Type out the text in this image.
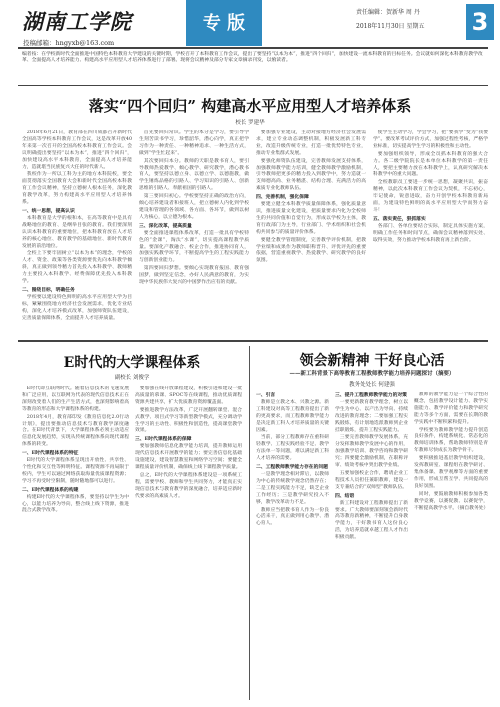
湖南工学院
投稿邮箱：hngyxb@163.com
专 版
责任编辑：贺新华 周 丹
2018年11月30日 星期五 3
编者按：在学校新时代全面推进中国特色本科教育大学建设的关键时期，学校召开了本科教育工作会议，提出了要坚持“以本为本”，推进“四个回归”，加快建设一流本科教育的目标任务。会议就如何深化本科教育教学改革、全面提高人才培养能力、构建高水平应用型人才培养体系进行了部署。现将会议精神及部分专家文章摘录刊发，以飨读者。
落实“四个回归” 构建高水平应用型人才培养体系
校长 罗建华

2018年6月21日，教育部在四川成都召开新时代全国高等学校本科教育工作会议，这是改革开放40年来第一次召开的全国高校本科教育工作会议。会议明确提出要坚持“以本为本”，推进“四个回归”，加快建设高水平本科教育，全面提高人才培养能力，造就堪当民族复兴大任的时代新人。

我校作为一所以工科为主的地方本科院校，要全面贯彻落实全国教育大会和新时代全国高校本科教育工作会议精神，坚持立德树人根本任务，深化教育教学改革，努力构建高水平应用型人才培养体系。

一、统一思想，提高认识

本科教育是大学的根和本，在高等教育中是具有战略地位的教育、是纲举目张的教育。我们要深刻认识本科教育的重要地位，把本科教育放在人才培养的核心地位、教育教学的基础地位、新时代教育发展的前沿地位。

全校上下要牢固树立“以本为本”的理念，学校的人才、资金、政策等各类资源要优先向本科教学倾斜，真正做到领导精力首先投入本科教学、教师精力主要投入本科教学、经费保障优先投入本科教学。

二、围绕目标，明确任务

学校要以建设特色鲜明的高水平应用型大学为目标，紧紧围绕地方经济社会发展需求，优化专业结构，深化人才培养模式改革，加强师资队伍建设，完善质量保障体系，全面提升人才培养质量。

首先要回归常识。学生的本分是学习，要引导学生刻苦读书学习，珍惜韶华，潜心向学，真正把学习作为一种责任、一种精神追求、一种生活方式，做到“学生忙起来”。

其次要回归本分。教师的天职是教书育人，要引导教师热爱教学、倾心教学、研究教学，潜心教书育人，要坚持以德立身、以德立学、以德施教，做学生锤炼品格的引路人、学习知识的引路人、创新思维的引路人、奉献祖国的引路人。

第三要回归初心。学校要坚持正确的政治方向，倾心培养建设者和接班人，把立德树人内化到学校建设和管理的各领域、各方面、各环节，做到以树人为核心，以立德为根本。

三、深化改革，提高质量

要全面推进课程体系改革，打造一批具有学校特色的“金课”，淘汰“水课”，切实提高课程教学质量。要深化产教融合、校企合作，推进协同育人，加强实践教学环节，不断提高学生的工程实践能力与创新创业能力。

第四要回归梦想。要倾心实现教育报国、教育强国梦，做到坚定信念，办好人民满意的教育，为实现中华民族伟大复兴的中国梦作出应有的贡献。

要加强专业建设，主动对接地方经济社会发展需求，建立专业动态调整机制，积极发展新工科专业，改造升级传统专业，打造一批优势特色专业，推动专业集群式发展。

要强化师资队伍建设，完善教师发展支持体系，加强教师教学能力培训，健全教师教学激励机制，引导教师把更多的精力投入到教学中，努力造就一支师德高尚、业务精湛、结构合理、充满活力的高素质专业化教师队伍。

四、完善机制，强化保障

要建立健全本科教学质量保障体系，强化质量意识，推进质量文化建设，把质量要求内化为全校师生的共同价值和自觉行为，形成以学校为主体，教育行政部门为主导，行业部门、学术组织和社会机构共同参与的质量评价体系。

要健全教学管理制度，完善教学评价机制，把教学业绩和成果作为教师职称晋升、评优评先的重要依据，营造重视教学、热爱教学、研究教学的良好氛围。

使学生主动学习，学会学习，把“要我学”变为“我要学”。要改革考试评价方式，加强过程性考核，严格学业标准，切实提高学生学习的积极性和主动性。

要加强组织领导，形成全员抓本科教育的强大合力。各二级学院院长是本单位本科教学的第一责任人，要把主要精力放在本科教学上，认真研究解决本科教学中的重大问题。

全校教职员工要进一步统一思想，凝聚共识，振奋精神，以此次本科教育工作会议为契机，不忘初心，牢记使命，锐意进取，奋力开创学校本科教育新局面，为建设特色鲜明的高水平应用型大学而努力奋斗！

五、落实责任，狠抓落实

各部门、各单位要结合实际，制定具体实施方案，明确工作任务和时间节点，确保会议精神落到实处、取得实效，努力推动学校本科教育再上新台阶。

E时代的大学课程体系
副校长 刘俊学

E时代即互联网时代。随着信息技术的飞速发展和广泛应用，以互联网为代表的现代信息技术正在深刻改变着人们的生产生活方式，也深刻影响着高等教育的形态和大学课程体系的构建。

2018年4月，教育部印发《教育信息化2.0行动计划》，提出要推动信息技术与教育教学深度融合。在E时代背景下，大学课程体系必须主动适应信息化发展趋势，实现从传统课程体系向现代课程体系的转变。

一、E时代课程体系的特征

E时代的大学课程体系呈现出开放性、共享性、个性化和交互性等鲜明特征。课程资源不再局限于校内，学生可以通过网络获取海量优质课程资源；学习不再受时空限制，随时随地都可以进行。

二、E时代课程体系的构建

构建E时代的大学课程体系，要坚持以学生为中心，以能力培养为导向，整合线上线下资源，推进混合式教学改革。

要加强在线开放课程建设，积极引进和建设一批高质量的慕课、SPOC等在线课程，推动优质课程资源共建共享，扩大优质教育资源覆盖面。

要推进教学方法改革，广泛开展翻转课堂、混合式教学、项目式学习等新型教学模式，充分调动学生学习的主动性、积极性和创造性，提高课堂教学效果。

三、E时代课程体系的保障

要加强教师信息化教学能力培训，提升教师运用现代信息技术开展教学的能力；要完善信息化基础设施建设，建设智慧教室和网络学习空间；要健全课程质量评价机制，确保线上线下课程教学质量。

总之，E时代的大学课程体系建设是一项系统工程，需要学校、教师和学生共同努力，才能真正实现信息技术与教育教学的深度融合，培养适应新时代要求的高素质人才。

领会新精神 干好良心活
——新工科背景下高等教育工程教师教学能力培养问题探讨（摘要）
教务处处长 何建强

一、引言

教师是立教之本、兴教之源。新工科建设对高等工程教育提出了新的更高要求，而工程教师教学能力是决定新工科人才培养质量的关键因素。

当前，部分工程教师存在重科研轻教学、工程实践经验不足、教学方法单一等问题，难以满足新工科人才培养的需要。

二、工程教师教学能力存在的问题

一是教学理念相对滞后，以教师为中心的传统教学观念仍然存在；二是工程实践能力不足，缺乏企业工作经历；三是教学研究投入不够，教学改革动力不足。

教师应当把教书育人作为一份良心活来干，真正做到用心教学、潜心育人。

三、提升工程教师教学能力的对策

一要更新教育教学理念，树立以学生为中心、以产出为导向、持续改进的教育理念；二要加强工程实践锻炼，有计划地选派教师到企业挂职锻炼，提升工程实践能力。

三要完善教师教学发展体系，充分发挥教师教学发展中心的作用，加强教学培训、教学咨询和教学研究；四要健全激励机制，在职称评审、绩效考核中突出教学业绩。

五要加强校企合作，聘请企业工程技术人员担任兼职教师，建设一支专兼结合的“双师型”教师队伍。

四、结语

新工科建设对工程教师提出了新要求。广大教师要深刻领会新时代高等教育新精神，不断提升自身教学能力，干好教书育人这份良心活，为培养造就卓越工程人才作出积极贡献。

教师的教学能力是一个综合性的概念，包括教学设计能力、教学实施能力、教学评价能力和教学研究能力等多个方面，需要在长期的教学实践中不断积累和提升。

学校要为教师教学能力提升创造良好条件，构建系统化、常态化的教师培训体系，帮助教师特别是青年教师尽快成长为教学骨干。

要积极推进基层教学组织建设，发挥教研室、课程组在教学研讨、集体备课、教学观摩等方面的重要作用，形成互帮互学、共同提高的良好氛围。

同时，要鼓励教师积极参加各类教学竞赛，以赛促教、以赛促学，不断提高教学水平。（摘自教务处）
